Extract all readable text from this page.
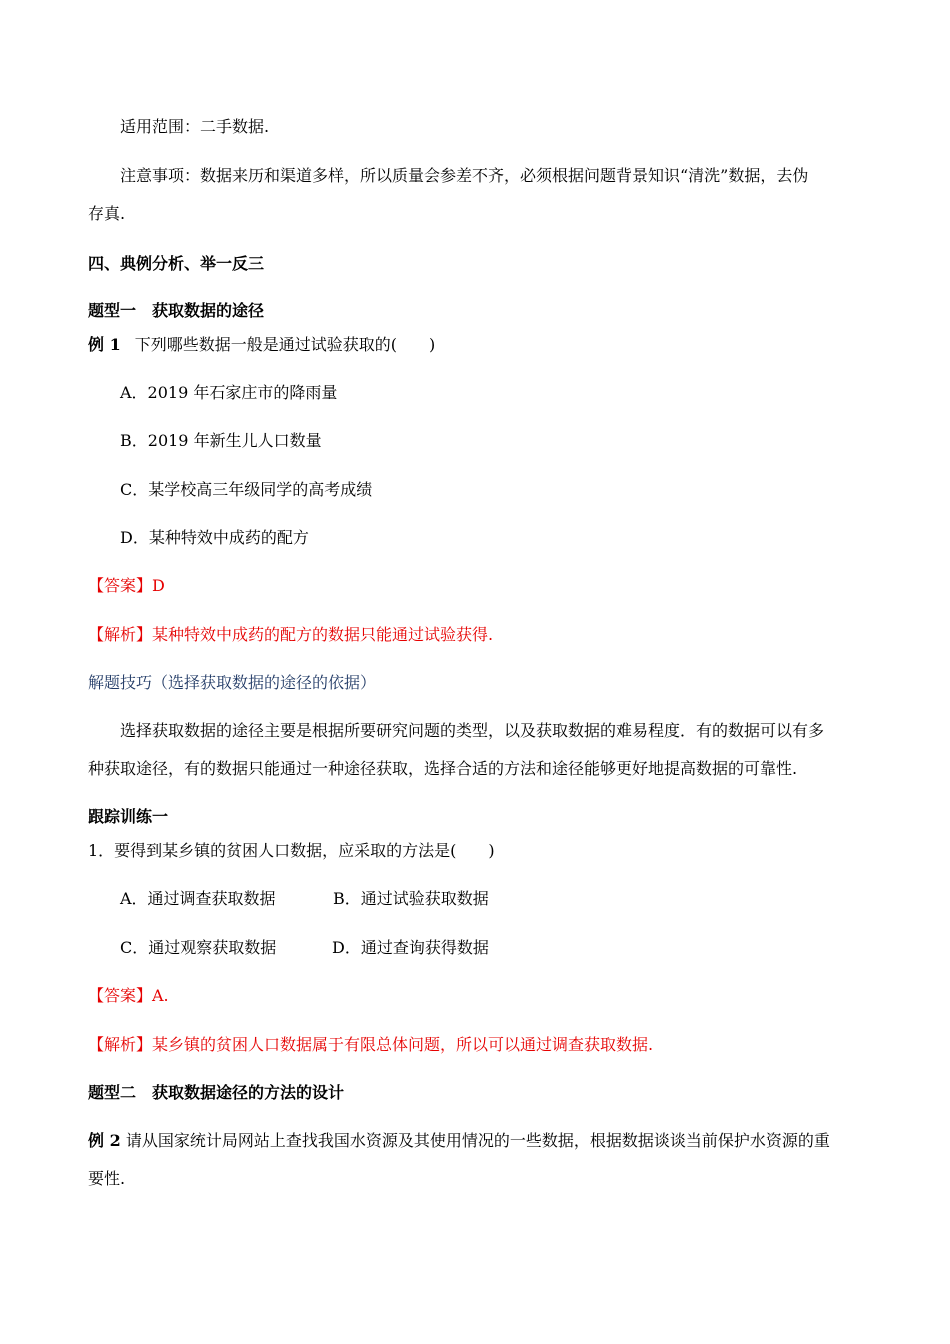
适用范围：二手数据.
注意事项：数据来历和渠道多样，所以质量会参差不齐，必须根据问题背景知识“清洗”数据，去伪
存真.
四、典例分析、举一反三
题型一　获取数据的途径
例 1 下列哪些数据一般是通过试验获取的(　　)
A．2019 年石家庄市的降雨量
B．2019 年新生儿人口数量
C．某学校高三年级同学的高考成绩
D．某种特效中成药的配方
【答案】D
【解析】某种特效中成药的配方的数据只能通过试验获得.
解题技巧（选择获取数据的途径的依据）
选择获取数据的途径主要是根据所要研究问题的类型，以及获取数据的难易程度．有的数据可以有多
种获取途径，有的数据只能通过一种途径获取，选择合适的方法和途径能够更好地提高数据的可靠性.
跟踪训练一
1．要得到某乡镇的贫困人口数据，应采取的方法是(　　)
A．通过调查获取数据	B．通过试验获取数据
C．通过观察获取数据	D．通过查询获得数据
【答案】A.
【解析】某乡镇的贫困人口数据属于有限总体问题，所以可以通过调查获取数据.
题型二　获取数据途径的方法的设计
例 2 请从国家统计局网站上查找我国水资源及其使用情况的一些数据，根据数据谈谈当前保护水资源的重
要性.
